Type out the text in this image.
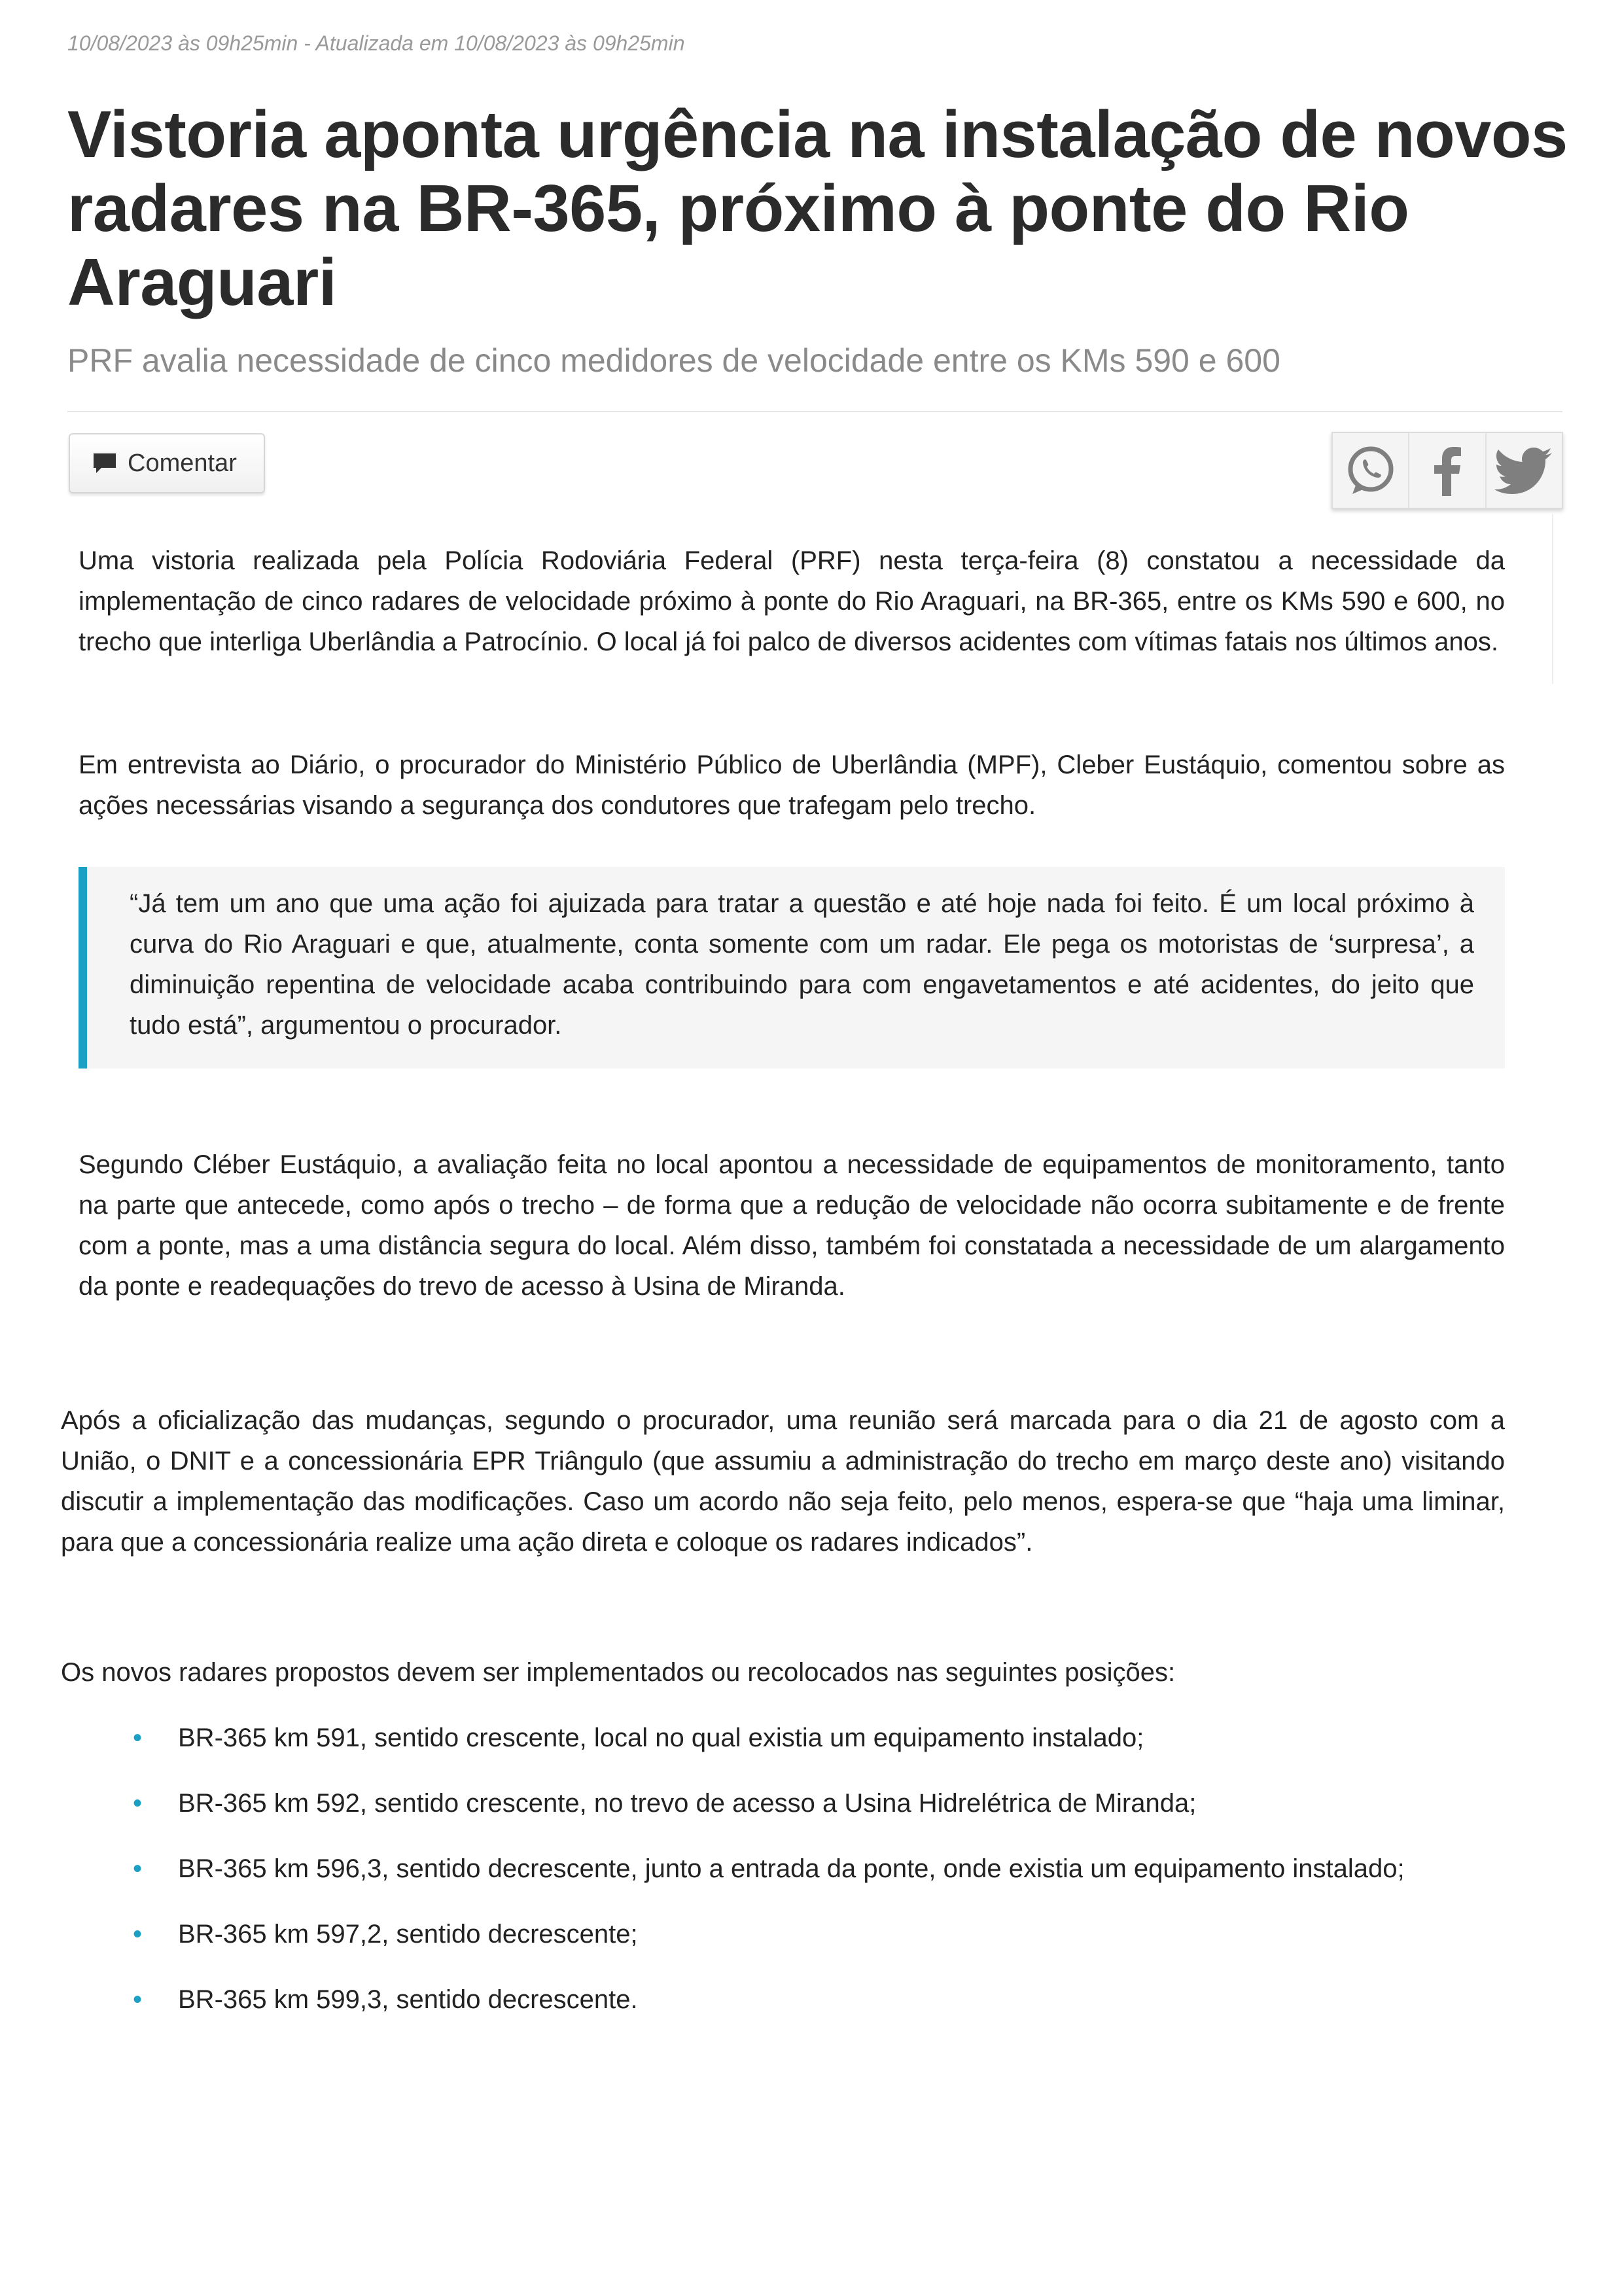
10/08/2023 às 09h25min - Atualizada em 10/08/2023 às 09h25min
Vistoria aponta urgência na instalação de novos radares na BR-365, próximo à ponte do Rio Araguari
PRF avalia necessidade de cinco medidores de velocidade entre os KMs 590 e 600
Comentar

Uma vistoria realizada pela Polícia Rodoviária Federal (PRF) nesta terça-feira (8) constatou a necessidade da implementação de cinco radares de velocidade próximo à ponte do Rio Araguari, na BR-365, entre os KMs 590 e 600, no trecho que interliga Uberlândia a Patrocínio. O local já foi palco de diversos acidentes com vítimas fatais nos últimos anos.

Em entrevista ao Diário, o procurador do Ministério Público de Uberlândia (MPF), Cleber Eustáquio, comentou sobre as ações necessárias visando a segurança dos condutores que trafegam pelo trecho.

“Já tem um ano que uma ação foi ajuizada para tratar a questão e até hoje nada foi feito. É um local próximo à curva do Rio Araguari e que, atualmente, conta somente com um radar. Ele pega os motoristas de ‘surpresa’, a diminuição repentina de velocidade acaba contribuindo para com engavetamentos e até acidentes, do jeito que tudo está”, argumentou o procurador.

Segundo Cléber Eustáquio, a avaliação feita no local apontou a necessidade de equipamentos de monitoramento, tanto na parte que antecede, como após o trecho – de forma que a redução de velocidade não ocorra subitamente e de frente com a ponte, mas a uma distância segura do local. Além disso, também foi constatada a necessidade de um alargamento da ponte e readequações do trevo de acesso à Usina de Miranda.

Após a oficialização das mudanças, segundo o procurador, uma reunião será marcada para o dia 21 de agosto com a União, o DNIT e a concessionária EPR Triângulo (que assumiu a administração do trecho em março deste ano) visitando discutir a implementação das modificações. Caso um acordo não seja feito, pelo menos, espera-se que “haja uma liminar, para que a concessionária realize uma ação direta e coloque os radares indicados”.

Os novos radares propostos devem ser implementados ou recolocados nas seguintes posições:

•	BR-365 km 591, sentido crescente, local no qual existia um equipamento instalado;
•	BR-365 km 592, sentido crescente, no trevo de acesso a Usina Hidrelétrica de Miranda;
•	BR-365 km 596,3, sentido decrescente, junto a entrada da ponte, onde existia um equipamento instalado;
•	BR-365 km 597,2, sentido decrescente;
•	BR-365 km 599,3, sentido decrescente.
